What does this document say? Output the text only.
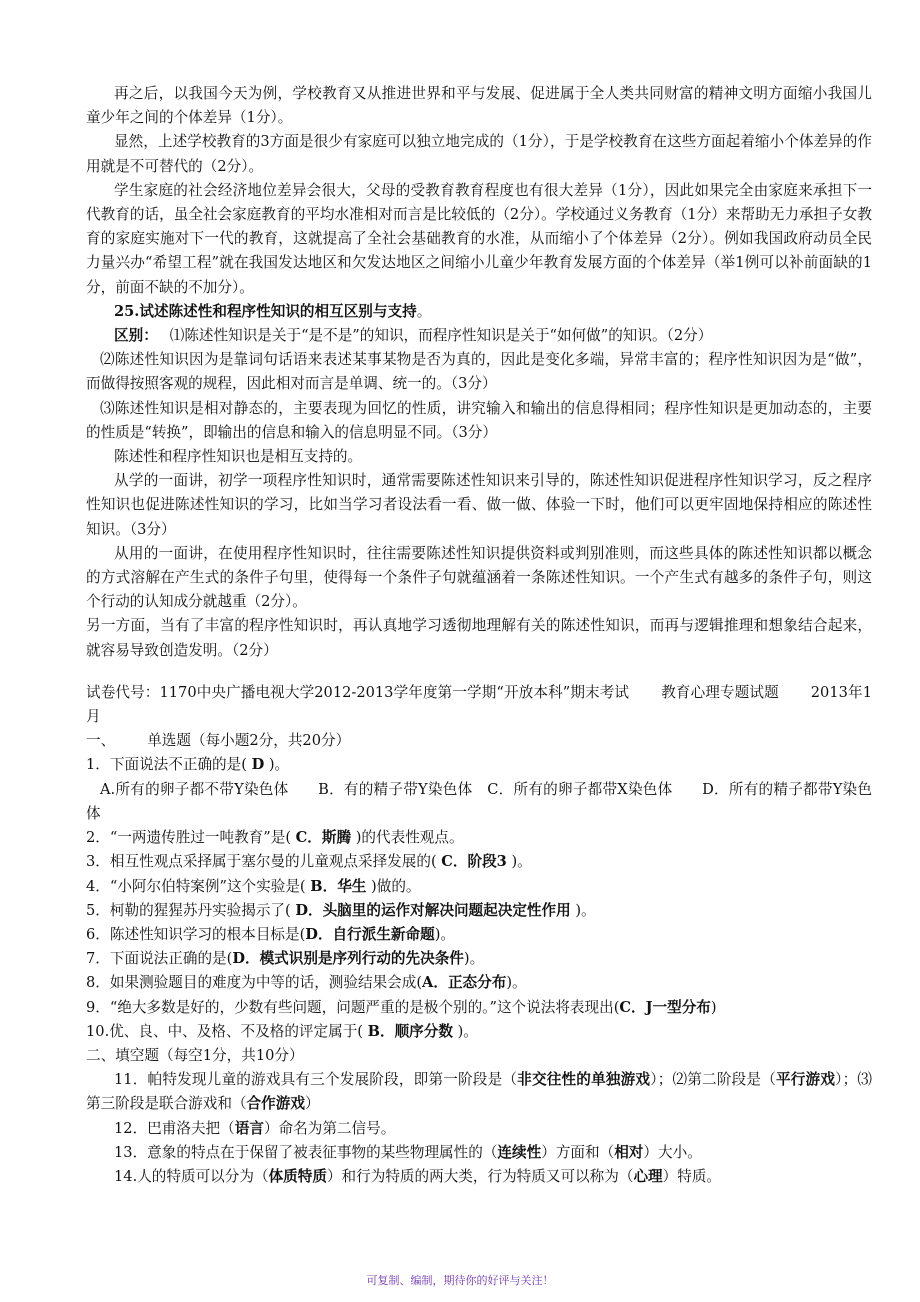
再之后，以我国今天为例，学校教育又从推进世界和平与发展、促进属于全人类共同财富的精神文明方面缩小我国儿童少年之间的个体差异（1分）。

显然，上述学校教育的3方面是很少有家庭可以独立地完成的（1分），于是学校教育在这些方面起着缩小个体差异的作用就是不可替代的（2分）。

学生家庭的社会经济地位差异会很大，父母的受教育教育程度也有很大差异（1分），因此如果完全由家庭来承担下一代教育的话，虽全社会家庭教育的平均水准相对而言是比较低的（2分）。学校通过义务教育（1分）来帮助无力承担子女教育的家庭实施对下一代的教育，这就提高了全社会基础教育的水准，从而缩小了个体差异（2分）。例如我国政府动员全民力量兴办“希望工程”就在我国发达地区和欠发达地区之间缩小儿童少年教育发展方面的个体差异（举1例可以补前面缺的1分，前面不缺的不加分）。

25.试述陈述性和程序性知识的相互区别与支持。

区别：　 ⑴陈述性知识是关于“是不是”的知识，而程序性知识是关于“如何做”的知识。（2分）

⑵陈述性知识因为是靠词句话语来表述某事某物是否为真的，因此是变化多端，异常丰富的；程序性知识因为是“做”，而做得按照客观的规程，因此相对而言是单调、统一的。（3分）

⑶陈述性知识是相对静态的，主要表现为回忆的性质，讲究输入和输出的信息得相同；程序性知识是更加动态的，主要的性质是“转换”，即输出的信息和输入的信息明显不同。（3分）

陈述性和程序性知识也是相互支持的。

从学的一面讲，初学一项程序性知识时，通常需要陈述性知识来引导的，陈述性知识促进程序性知识学习，反之程序性知识也促进陈述性知识的学习，比如当学习者设法看一看、做一做、体验一下时，他们可以更牢固地保持相应的陈述性知识。（3分）

从用的一面讲，在使用程序性知识时，往往需要陈述性知识提供资料或判别准则，而这些具体的陈述性知识都以概念的方式溶解在产生式的条件子句里，使得每一个条件子句就蕴涵着一条陈述性知识。一个产生式有越多的条件子句，则这个行动的认知成分就越重（2分）。

另一方面，当有了丰富的程序性知识时，再认真地学习透彻地理解有关的陈述性知识，而再与逻辑推理和想象结合起来，就容易导致创造发明。（2分）

试卷代号：1170中央广播电视大学2012-2013学年度第一学期“开放本科”期末考试 教育心理专题试题 2013年1月

一、 单选题（每小题2分，共20分）

1．下面说法不正确的是( D )。

A.所有的卵子都不带Y染色体　　B．有的精子带Y染色体　C．所有的卵子都带X染色体　　D．所有的精子都带Y染色体

2．“一两遗传胜过一吨教育”是( C．斯腾 )的代表性观点。

3．相互性观点采择属于塞尔曼的儿童观点采择发展的( C．阶段3 )。

4．“小阿尔伯特案例”这个实验是( B．华生 )做的。

5．柯勒的猩猩苏丹实验揭示了( D．头脑里的运作对解决问题起决定性作用 )。

6．陈述性知识学习的根本目标是(D．自行派生新命题)。

7．下面说法正确的是(D．模式识别是序列行动的先决条件)。

8．如果测验题目的难度为中等的话，测验结果会成(A．正态分布)。

9．“绝大多数是好的，少数有些问题，问题严重的是极个别的。”这个说法将表现出(C．J一型分布)

10.优、良、中、及格、不及格的评定属于( B．顺序分数 )。

二、填空题（每空1分，共10分）

11．帕特发现儿童的游戏具有三个发展阶段，即第一阶段是（非交往性的单独游戏）；⑵第二阶段是（平行游戏）；⑶第三阶段是联合游戏和（合作游戏）

12．巴甫洛夫把（语言）命名为第二信号。

13．意象的特点在于保留了被表征事物的某些物理属性的（连续性）方面和（相对）大小。

14.人的特质可以分为（体质特质）和行为特质的两大类，行为特质又可以称为（心理）特质。

可复制、编制，期待你的好评与关注！
